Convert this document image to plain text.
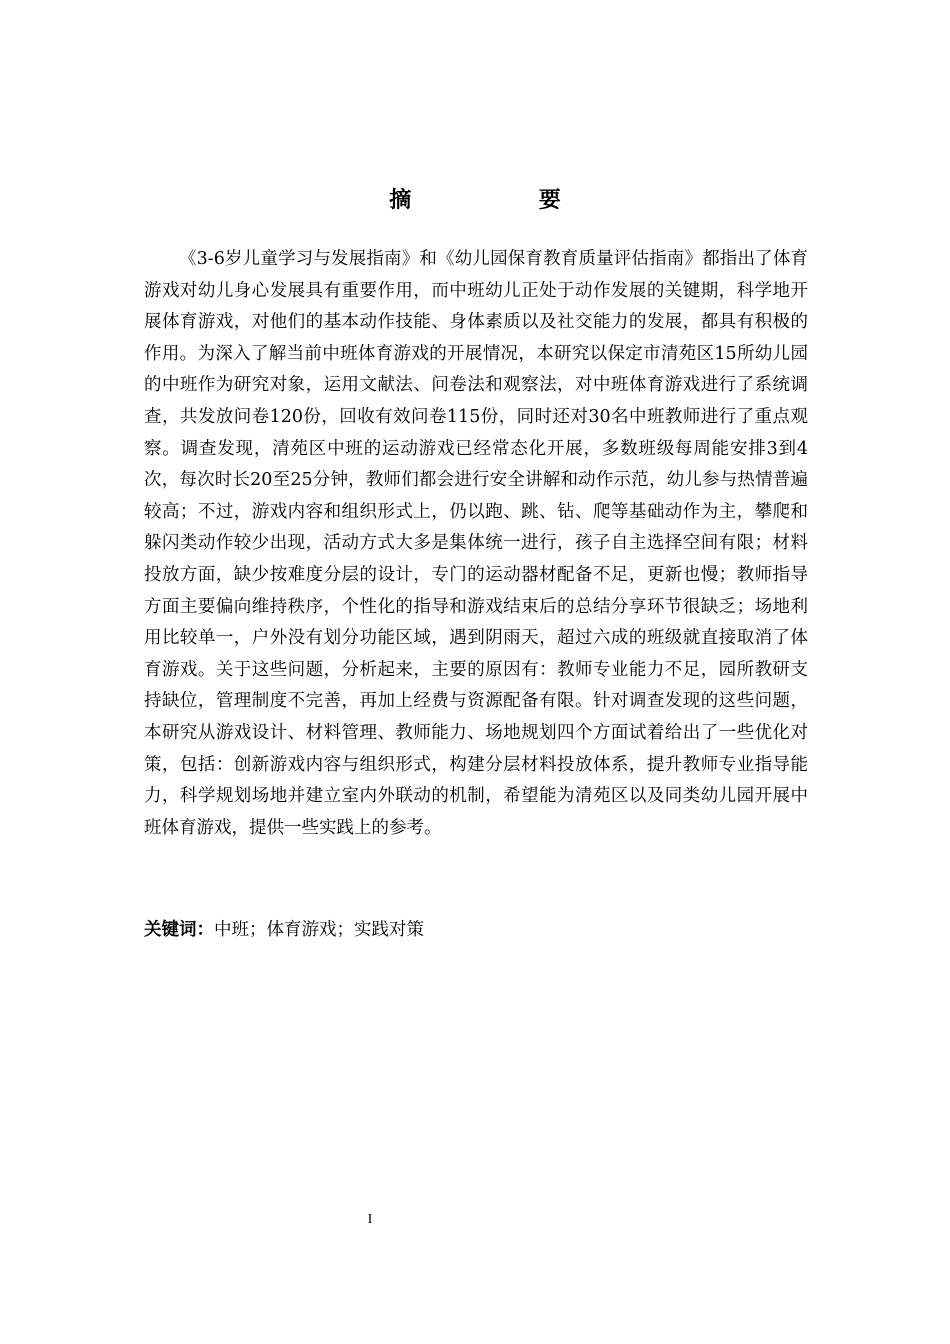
摘　要

《3-6岁儿童学习与发展指南》和《幼儿园保育教育质量评估指南》都指出了体育游戏对幼儿身心发展具有重要作用，而中班幼儿正处于动作发展的关键期，科学地开展体育游戏，对他们的基本动作技能、身体素质以及社交能力的发展，都具有积极的作用。为深入了解当前中班体育游戏的开展情况，本研究以保定市清苑区15所幼儿园的中班作为研究对象，运用文献法、问卷法和观察法，对中班体育游戏进行了系统调查，共发放问卷120份，回收有效问卷115份，同时还对30名中班教师进行了重点观察。调查发现，清苑区中班的运动游戏已经常态化开展，多数班级每周能安排3到4次，每次时长20至25分钟，教师们都会进行安全讲解和动作示范，幼儿参与热情普遍较高；不过，游戏内容和组织形式上，仍以跑、跳、钻、爬等基础动作为主，攀爬和躲闪类动作较少出现，活动方式大多是集体统一进行，孩子自主选择空间有限；材料投放方面，缺少按难度分层的设计，专门的运动器材配备不足，更新也慢；教师指导方面主要偏向维持秩序，个性化的指导和游戏结束后的总结分享环节很缺乏；场地利用比较单一，户外没有划分功能区域，遇到阴雨天，超过六成的班级就直接取消了体育游戏。关于这些问题，分析起来，主要的原因有：教师专业能力不足，园所教研支持缺位，管理制度不完善，再加上经费与资源配备有限。针对调查发现的这些问题，本研究从游戏设计、材料管理、教师能力、场地规划四个方面试着给出了一些优化对策，包括：创新游戏内容与组织形式，构建分层材料投放体系，提升教师专业指导能力，科学规划场地并建立室内外联动的机制，希望能为清苑区以及同类幼儿园开展中班体育游戏，提供一些实践上的参考。

关键词：中班；体育游戏；实践对策

I
